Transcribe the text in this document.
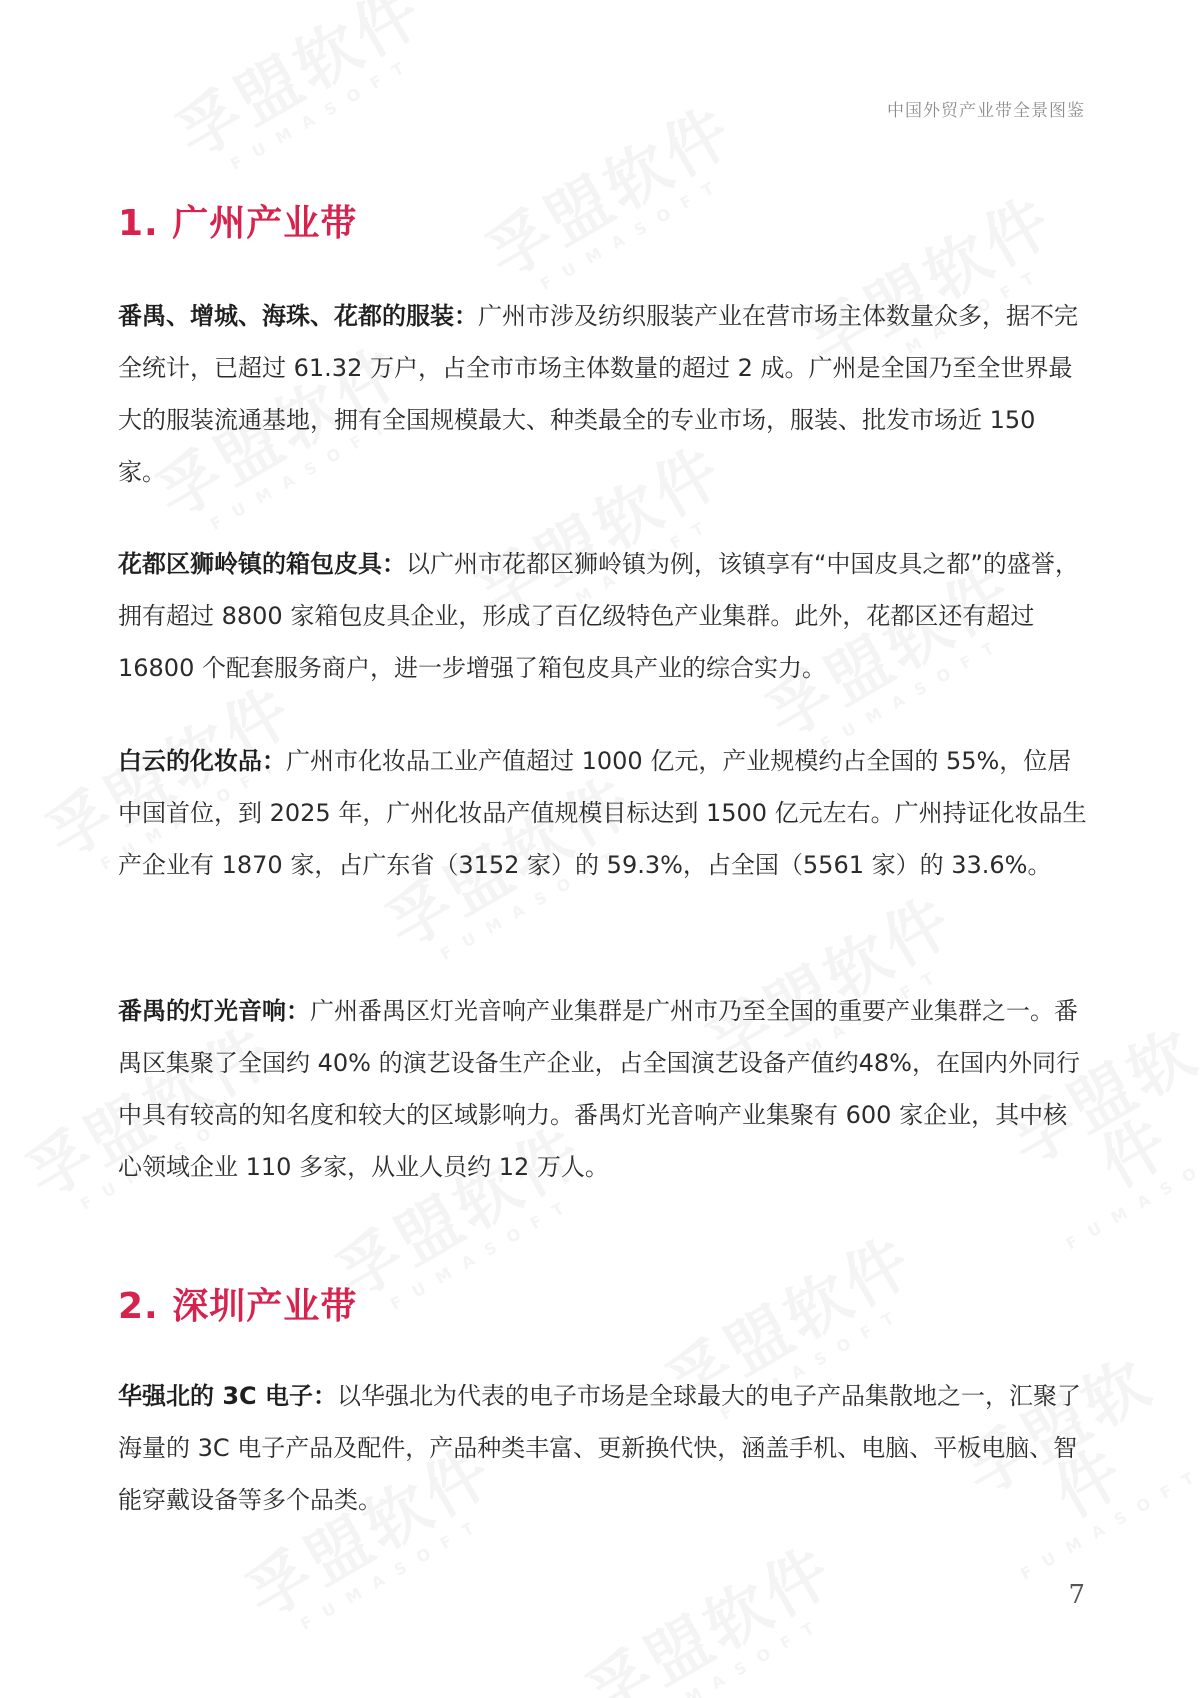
中国外贸产业带全景图鉴
1. 广州产业带

番禺、增城、海珠、花都的服装：广州市涉及纺织服装产业在营市场主体数量众多，据不完全统计，已超过 61.32 万户，占全市市场主体数量的超过 2 成。广州是全国乃至全世界最大的服装流通基地，拥有全国规模最大、种类最全的专业市场，服装、批发市场近 150 家。

花都区狮岭镇的箱包皮具：以广州市花都区狮岭镇为例，该镇享有“中国皮具之都”的盛誉，拥有超过 8800 家箱包皮具企业，形成了百亿级特色产业集群。此外，花都区还有超过 16800 个配套服务商户，进一步增强了箱包皮具产业的综合实力。

白云的化妆品：广州市化妆品工业产值超过 1000 亿元，产业规模约占全国的 55%，位居中国首位，到 2025 年，广州化妆品产值规模目标达到 1500 亿元左右。广州持证化妆品生产企业有 1870 家，占广东省（3152 家）的 59.3%，占全国（5561 家）的 33.6%。

番禺的灯光音响：广州番禺区灯光音响产业集群是广州市乃至全国的重要产业集群之一。番禺区集聚了全国约 40% 的演艺设备生产企业，占全国演艺设备产值约48%，在国内外同行中具有较高的知名度和较大的区域影响力。番禺灯光音响产业集聚有 600 家企业，其中核心领域企业 110 多家，从业人员约 12 万人。

2. 深圳产业带

华强北的 3C 电子：以华强北为代表的电子市场是全球最大的电子产品集散地之一，汇聚了海量的 3C 电子产品及配件，产品种类丰富、更新换代快，涵盖手机、电脑、平板电脑、智能穿戴设备等多个品类。

7
